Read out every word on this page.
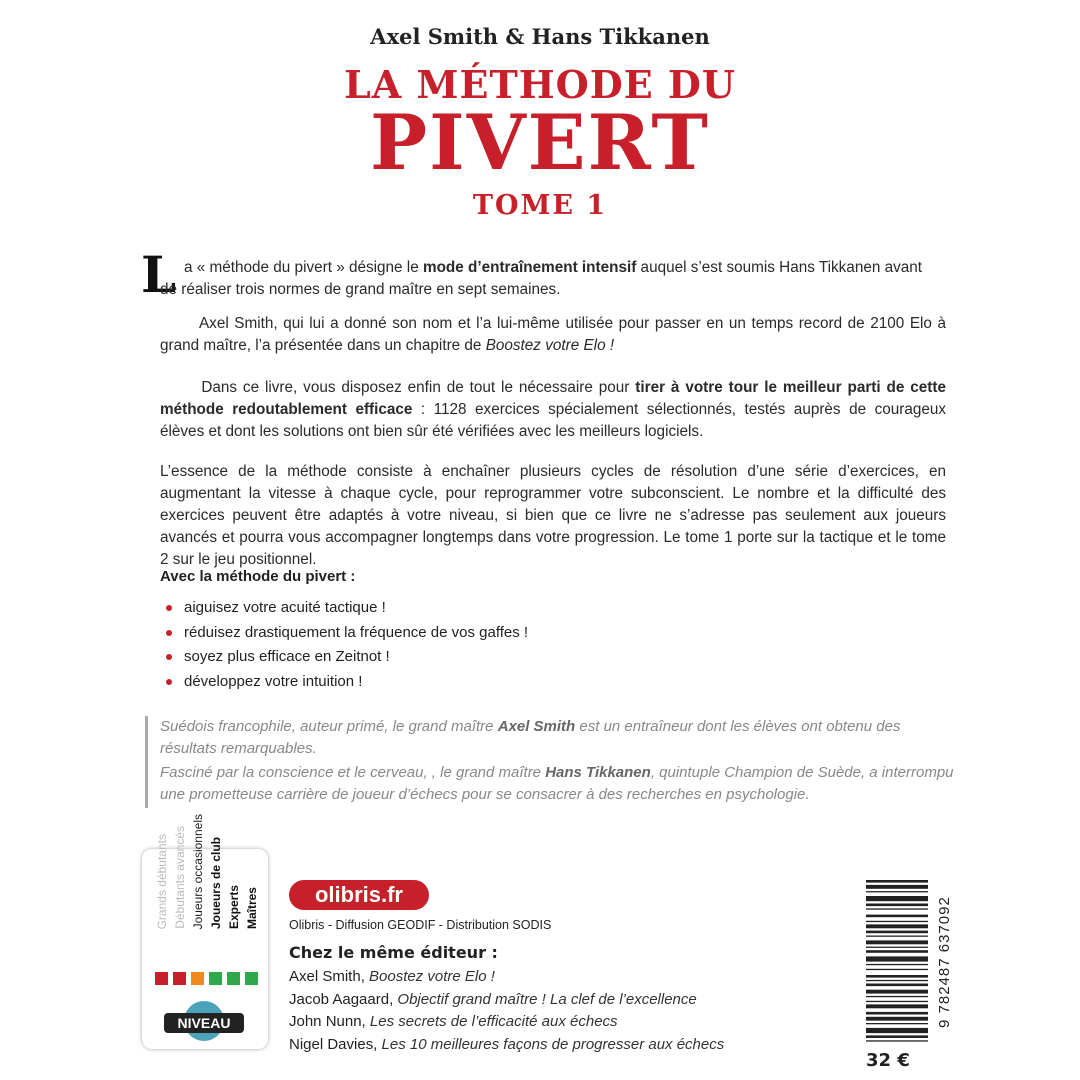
Axel Smith & Hans Tikkanen
LA MÉTHODE DU
PIVERT
TOME 1
L a « méthode du pivert » désigne le mode d’entraînement intensif auquel s’est soumis Hans Tikkanen avant
de réaliser trois normes de grand maître en sept semaines.
Axel Smith, qui lui a donné son nom et l’a lui-même utilisée pour passer en un temps record de 2100 Elo à grand maître, l’a présentée dans un chapitre de Boostez votre Elo !
Dans ce livre, vous disposez enfin de tout le nécessaire pour tirer à votre tour le meilleur parti de cette méthode redoutablement efficace : 1128 exercices spécialement sélectionnés, testés auprès de courageux élèves et dont les solutions ont bien sûr été vérifiées avec les meilleurs logiciels.
L’essence de la méthode consiste à enchaîner plusieurs cycles de résolution d’une série d’exercices, en augmentant la vitesse à chaque cycle, pour reprogrammer votre subconscient. Le nombre et la difficulté des exercices peuvent être adaptés à votre niveau, si bien que ce livre ne s’adresse pas seulement aux joueurs avancés et pourra vous accompagner longtemps dans votre progression. Le tome 1 porte sur la tactique et le tome 2 sur le jeu positionnel.
Avec la méthode du pivert :
aiguisez votre acuité tactique !
réduisez drastiquement la fréquence de vos gaffes !
soyez plus efficace en Zeitnot !
développez votre intuition !

Suédois francophile, auteur primé, le grand maître Axel Smith est un entraîneur dont les élèves ont obtenu des résultats remarquables.

Fasciné par la conscience et le cerveau, , le grand maître Hans Tikkanen, quintuple Champion de Suède, a interrompu une prometteuse carrière de joueur d’échecs pour se consacrer à des recherches en psychologie.

Grands débutants Débutants avancés Joueurs occasionnels Joueurs de club Experts Maîtres
NIVEAU
olibris.fr
Olibris - Diffusion GEODIF - Distribution SODIS
Chez le même éditeur :
Axel Smith, Boostez votre Elo !
Jacob Aagaard, Objectif grand maître ! La clef de l’excellence
John Nunn, Les secrets de l’efficacité aux échecs
Nigel Davies, Les 10 meilleures façons de progresser aux échecs
9 782487 637092
32 €
